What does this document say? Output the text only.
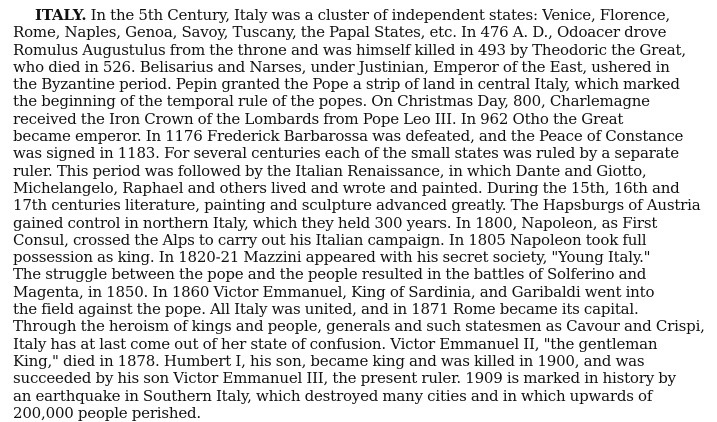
ITALY. In the 5th Century, Italy was a cluster of independent states: Venice, Florence,
Rome, Naples, Genoa, Savoy, Tuscany, the Papal States, etc. In 476 A. D., Odoacer drove
Romulus Augustulus from the throne and was himself killed in 493 by Theodoric the Great,
who died in 526. Belisarius and Narses, under Justinian, Emperor of the East, ushered in
the Byzantine period. Pepin granted the Pope a strip of land in central Italy, which marked
the beginning of the temporal rule of the popes. On Christmas Day, 800, Charlemagne
received the Iron Crown of the Lombards from Pope Leo III. In 962 Otho the Great
became emperor. In 1176 Frederick Barbarossa was defeated, and the Peace of Constance
was signed in 1183. For several centuries each of the small states was ruled by a separate
ruler. This period was followed by the Italian Renaissance, in which Dante and Giotto,
Michelangelo, Raphael and others lived and wrote and painted. During the 15th, 16th and
17th centuries literature, painting and sculpture advanced greatly. The Hapsburgs of Austria
gained control in northern Italy, which they held 300 years. In 1800, Napoleon, as First
Consul, crossed the Alps to carry out his Italian campaign. In 1805 Napoleon took full
possession as king. In 1820-21 Mazzini appeared with his secret society, "Young Italy."
The struggle between the pope and the people resulted in the battles of Solferino and
Magenta, in 1850. In 1860 Victor Emmanuel, King of Sardinia, and Garibaldi went into
the field against the pope. All Italy was united, and in 1871 Rome became its capital.
Through the heroism of kings and people, generals and such statesmen as Cavour and Crispi,
Italy has at last come out of her state of confusion. Victor Emmanuel II, "the gentleman
King," died in 1878. Humbert I, his son, became king and was killed in 1900, and was
succeeded by his son Victor Emmanuel III, the present ruler. 1909 is marked in history by
an earthquake in Southern Italy, which destroyed many cities and in which upwards of
200,000 people perished.
